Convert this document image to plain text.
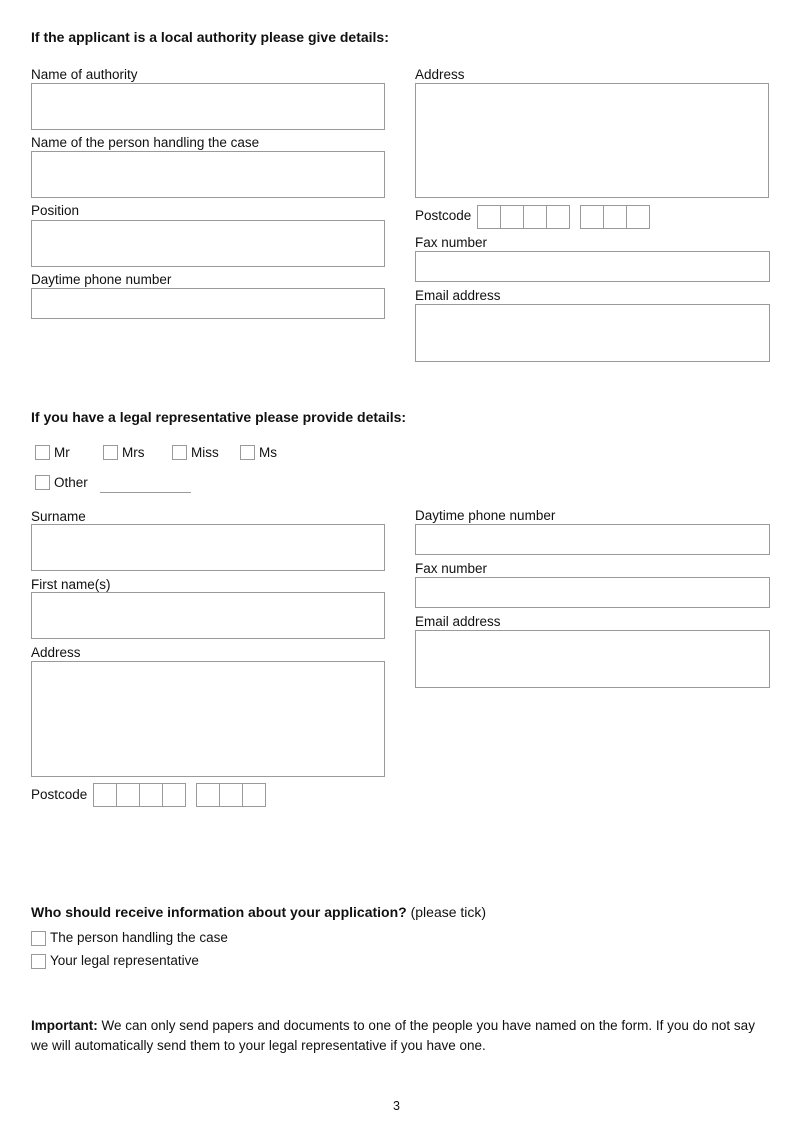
If the applicant is a local authority please give details:
Name of authority
Name of the person handling the case
Position
Daytime phone number
Address
Postcode
Fax number
Email address
If you have a legal representative please provide details:
Mr	Mrs	Miss	Ms
Other
Surname
First name(s)
Address
Postcode
Daytime phone number
Fax number
Email address
Who should receive information about your application? (please tick)
The person handling the case
Your legal representative
Important: We can only send papers and documents to one of the people you have named on the form. If you do not say we will automatically send them to your legal representative if you have one.
3
